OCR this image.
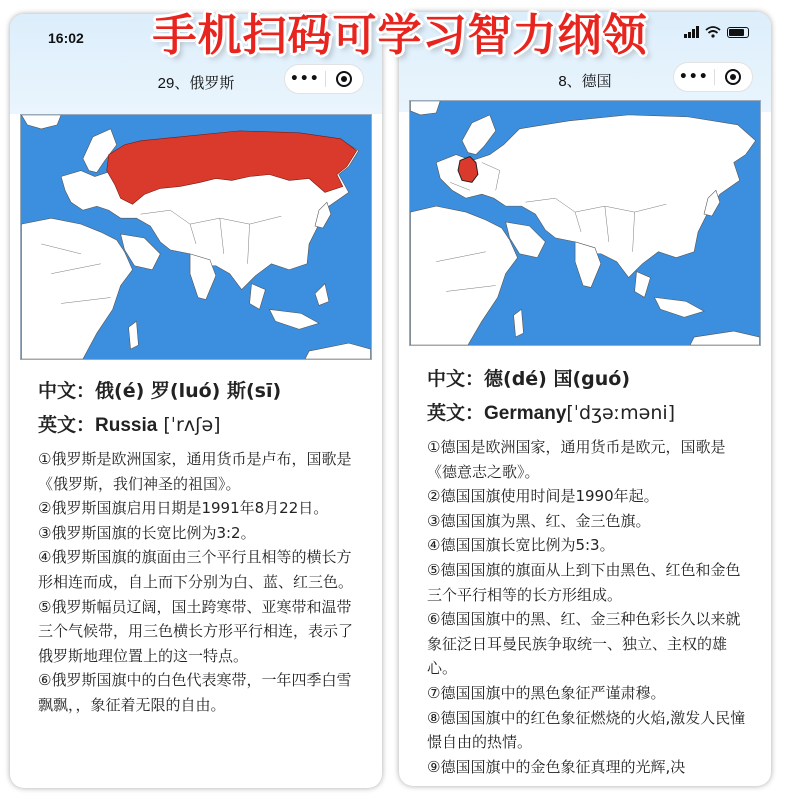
手机扫码可学习智力纲领
16:02
29、俄罗斯	•••
中文：俄(é) 罗(luó) 斯(sī)
英文：Russia [ˈrʌʃə]

①俄罗斯是欧洲国家，通用货币是卢布，国歌是《俄罗斯，我们神圣的祖国》。

②俄罗斯国旗启用日期是1991年8月22日。

③俄罗斯国旗的长宽比例为3:2。

④俄罗斯国旗的旗面由三个平行且相等的横长方形相连而成，自上而下分别为白、蓝、红三色。

⑤俄罗斯幅员辽阔，国土跨寒带、亚寒带和温带三个气候带，用三色横长方形平行相连，表示了俄罗斯地理位置上的这一特点。

⑥俄罗斯国旗中的白色代表寒带，一年四季白雪飘飘，，象征着无限的自由。

8、德国	•••
中文：德(dé) 国(guó)
英文：Germany[ˈdʒəːməni]

①德国是欧洲国家，通用货币是欧元，国歌是《德意志之歌》。

②德国国旗使用时间是1990年起。

③德国国旗为黑、红、金三色旗。

④德国国旗长宽比例为5:3。

⑤德国国旗的旗面从上到下由黑色、红色和金色三个平行相等的长方形组成。

⑥德国国旗中的黑、红、金三种色彩长久以来就象征泛日耳曼民族争取统一、独立、主权的雄心。

⑦德国国旗中的黑色象征严谨肃穆。

⑧德国国旗中的红色象征燃烧的火焰,激发人民憧憬自由的热情。

⑨德国国旗中的金色象征真理的光辉,决
